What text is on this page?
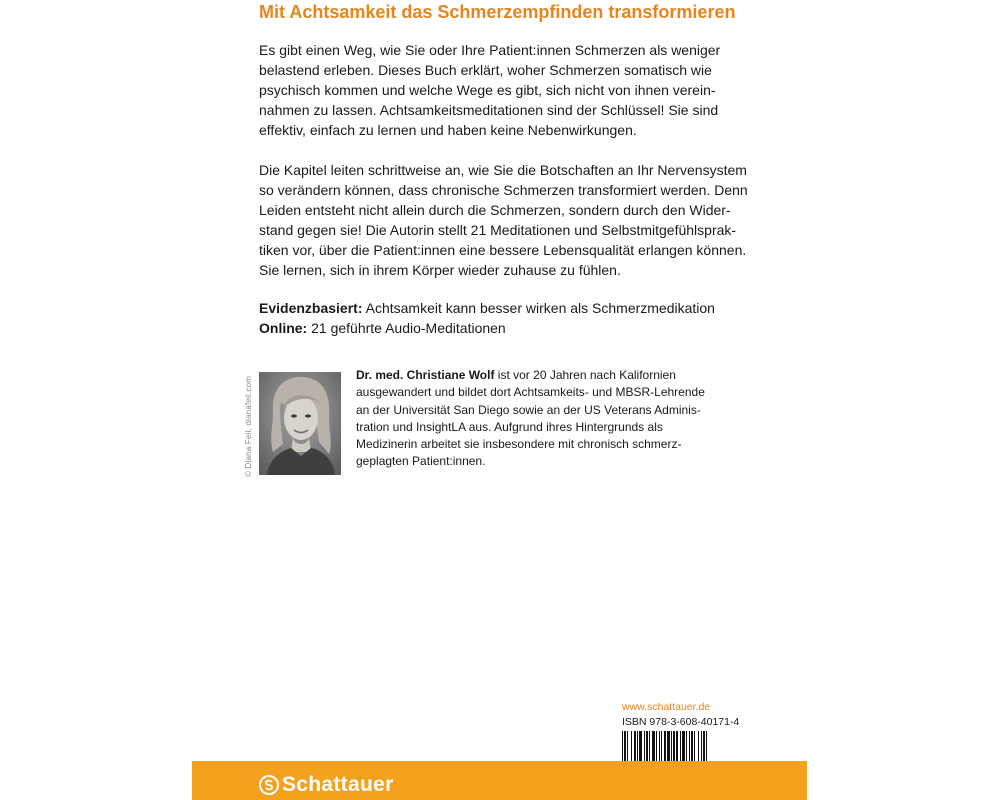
Mit Achtsamkeit das Schmerzempfinden transformieren
Es gibt einen Weg, wie Sie oder Ihre Patient:innen Schmerzen als weniger
belastend erleben. Dieses Buch erklärt, woher Schmerzen somatisch wie
psychisch kommen und welche Wege es gibt, sich nicht von ihnen verein-
nahmen zu lassen. Achtsamkeitsmeditationen sind der Schlüssel! Sie sind
effektiv, einfach zu lernen und haben keine Nebenwirkungen.
Die Kapitel leiten schrittweise an, wie Sie die Botschaften an Ihr Nervensystem
so verändern können, dass chronische Schmerzen transformiert werden. Denn
Leiden entsteht nicht allein durch die Schmerzen, sondern durch den Wider-
stand gegen sie! Die Autorin stellt 21 Meditationen und Selbstmitgefühlsprak-
tiken vor, über die Patient:innen eine bessere Lebensqualität erlangen können.
Sie lernen, sich in ihrem Körper wieder zuhause zu fühlen.
Evidenzbasiert: Achtsamkeit kann besser wirken als Schmerzmedikation
Online: 21 geführte Audio-Meditationen
© Diana Feil, dianafeil.com
Dr. med. Christiane Wolf ist vor 20 Jahren nach Kalifornien
ausgewandert und bildet dort Achtsamkeits- und MBSR-Lehrende
an der Universität San Diego sowie an der US Veterans Adminis-
tration und InsightLA aus. Aufgrund ihres Hintergrunds als
Medizinerin arbeitet sie insbesondere mit chronisch schmerz-
geplagten Patient:innen.
www.schattauer.de
ISBN 978-3-608-40171-4
Schattauer
